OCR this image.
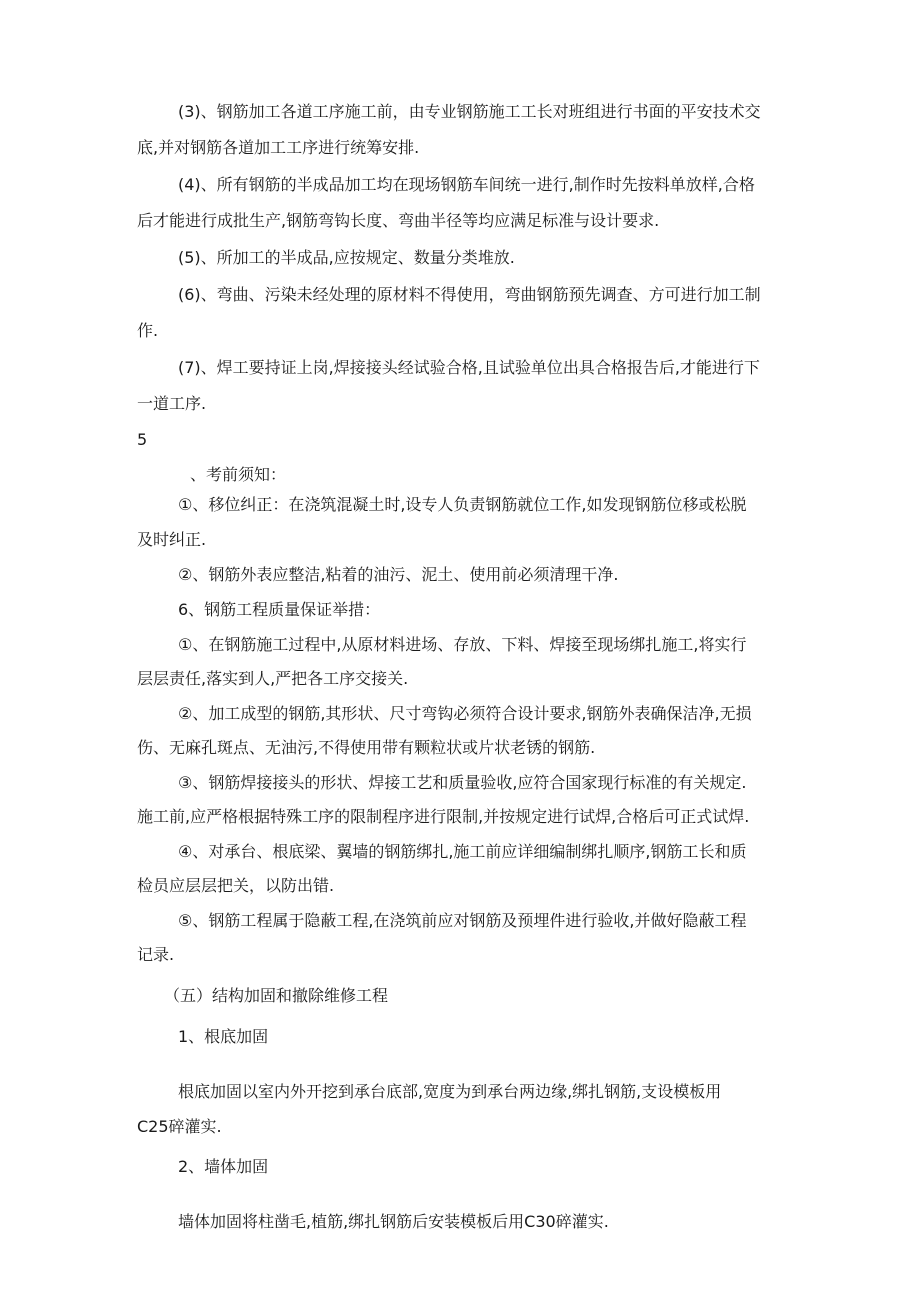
(3)、钢筋加工各道工序施工前，由专业钢筋施工工长对班组进行书面的平安技术交

底,并对钢筋各道加工工序进行统筹安排.

(4)、所有钢筋的半成品加工均在现场钢筋车间统一进行,制作时先按料单放样,合格

后才能进行成批生产,钢筋弯钩长度、弯曲半径等均应满足标准与设计要求.

(5)、所加工的半成品,应按规定、数量分类堆放.

(6)、弯曲、污染未经处理的原材料不得使用，弯曲钢筋预先调查、方可进行加工制

作.

(7)、焊工要持证上岗,焊接接头经试验合格,且试验单位出具合格报告后,才能进行下

一道工序.

5

、考前须知：

①、移位纠正：在浇筑混凝土时,设专人负责钢筋就位工作,如发现钢筋位移或松脱

及时纠正.

②、钢筋外表应整洁,粘着的油污、泥土、使用前必须清理干净.

6、钢筋工程质量保证举措：

①、在钢筋施工过程中,从原材料进场、存放、下料、焊接至现场绑扎施工,将实行

层层责任,落实到人,严把各工序交接关.

②、加工成型的钢筋,其形状、尺寸弯钩必须符合设计要求,钢筋外表确保洁净,无损

伤、无麻孔斑点、无油污,不得使用带有颗粒状或片状老锈的钢筋.

③、钢筋焊接接头的形状、焊接工艺和质量验收,应符合国家现行标准的有关规定.

施工前,应严格根据特殊工序的限制程序进行限制,并按规定进行试焊,合格后可正式试焊.

④、对承台、根底梁、翼墙的钢筋绑扎,施工前应详细编制绑扎顺序,钢筋工长和质

检员应层层把关，以防出错.

⑤、钢筋工程属于隐蔽工程,在浇筑前应对钢筋及预埋件进行验收,并做好隐蔽工程

记录.

（五）结构加固和撤除维修工程

1、根底加固

根底加固以室内外开挖到承台底部,宽度为到承台两边缘,绑扎钢筋,支设模板用

C25碎灌实.

2、墙体加固

墙体加固将柱凿毛,植筋,绑扎钢筋后安装模板后用C30碎灌实.
